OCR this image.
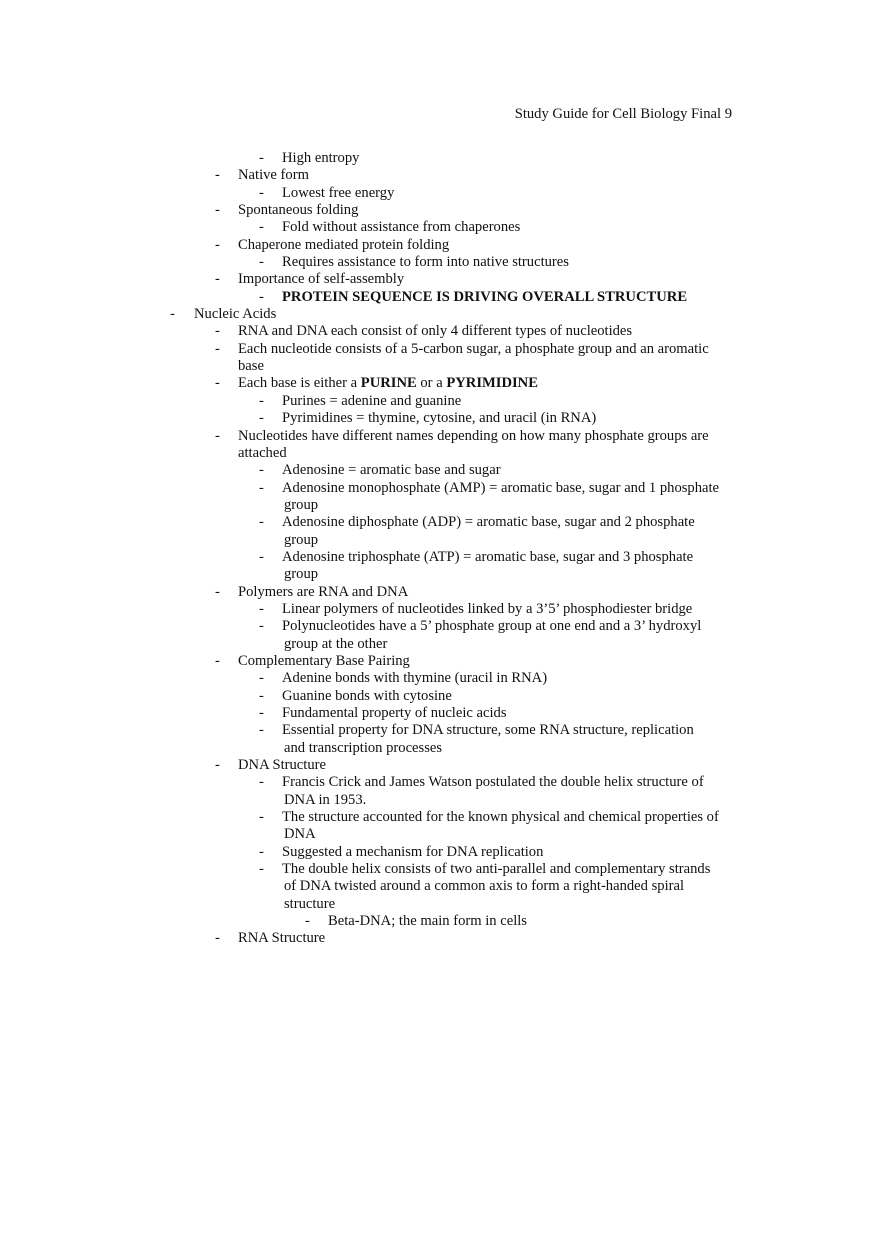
Study Guide for Cell Biology Final 9
- High entropy
- Native form
- Lowest free energy
- Spontaneous folding
- Fold without assistance from chaperones
- Chaperone mediated protein folding
- Requires assistance to form into native structures
- Importance of self-assembly
- PROTEIN SEQUENCE IS DRIVING OVERALL STRUCTURE
- Nucleic Acids
- RNA and DNA each consist of only 4 different types of nucleotides
- Each nucleotide consists of a 5-carbon sugar, a phosphate group and an aromatic
base
- Each base is either a PURINE or a PYRIMIDINE
- Purines = adenine and guanine
- Pyrimidines = thymine, cytosine, and uracil (in RNA)
- Nucleotides have different names depending on how many phosphate groups are
attached
- Adenosine = aromatic base and sugar
- Adenosine monophosphate (AMP) = aromatic base, sugar and 1 phosphate
group
- Adenosine diphosphate (ADP) = aromatic base, sugar and 2 phosphate
group
- Adenosine triphosphate (ATP) = aromatic base, sugar and 3 phosphate
group
- Polymers are RNA and DNA
- Linear polymers of nucleotides linked by a 3’5’ phosphodiester bridge
- Polynucleotides have a 5’ phosphate group at one end and a 3’ hydroxyl
group at the other
- Complementary Base Pairing
- Adenine bonds with thymine (uracil in RNA)
- Guanine bonds with cytosine
- Fundamental property of nucleic acids
- Essential property for DNA structure, some RNA structure, replication
and transcription processes
- DNA Structure
- Francis Crick and James Watson postulated the double helix structure of
DNA in 1953.
- The structure accounted for the known physical and chemical properties of
DNA
- Suggested a mechanism for DNA replication
- The double helix consists of two anti-parallel and complementary strands
of DNA twisted around a common axis to form a right-handed spiral
structure
- Beta-DNA; the main form in cells
- RNA Structure
